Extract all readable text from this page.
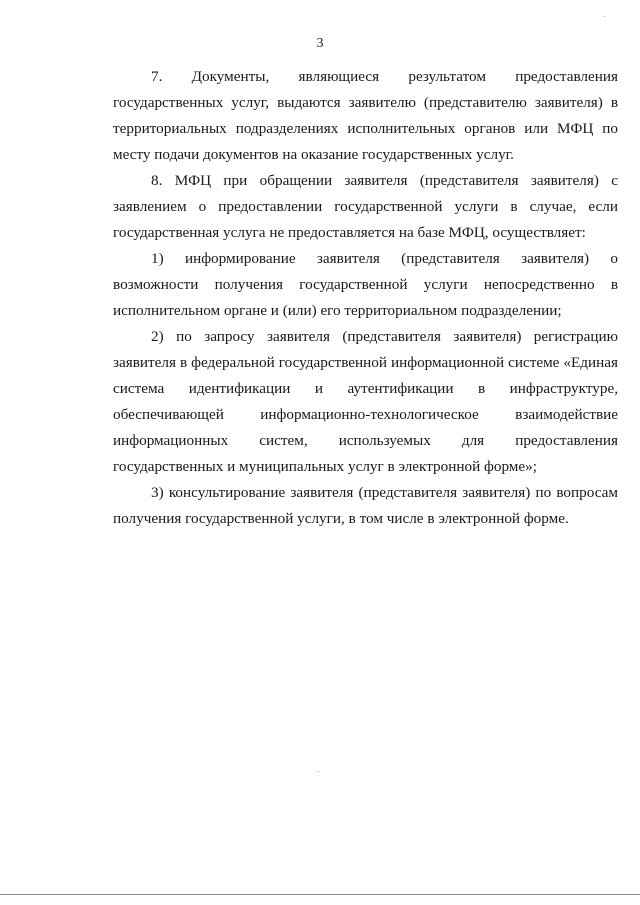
3
7. Документы, являющиеся результатом предоставления
государственных услуг, выдаются заявителю (представителю заявителя) в
территориальных подразделениях исполнительных органов или МФЦ по
месту подачи документов на оказание государственных услуг.
8. МФЦ при обращении заявителя (представителя заявителя) с
заявлением о предоставлении государственной услуги в случае, если
государственная услуга не предоставляется на базе МФЦ, осуществляет:
1) информирование заявителя (представителя заявителя) о
возможности получения государственной услуги непосредственно в
исполнительном органе и (или) его территориальном подразделении;
2) по запросу заявителя (представителя заявителя) регистрацию
заявителя в федеральной государственной информационной системе «Единая
система идентификации и аутентификации в инфраструктуре,
обеспечивающей информационно-технологическое взаимодействие
информационных систем, используемых для предоставления
государственных и муниципальных услуг в электронной форме»;
3) консультирование заявителя (представителя заявителя) по вопросам
получения государственной услуги, в том числе в электронной форме.
